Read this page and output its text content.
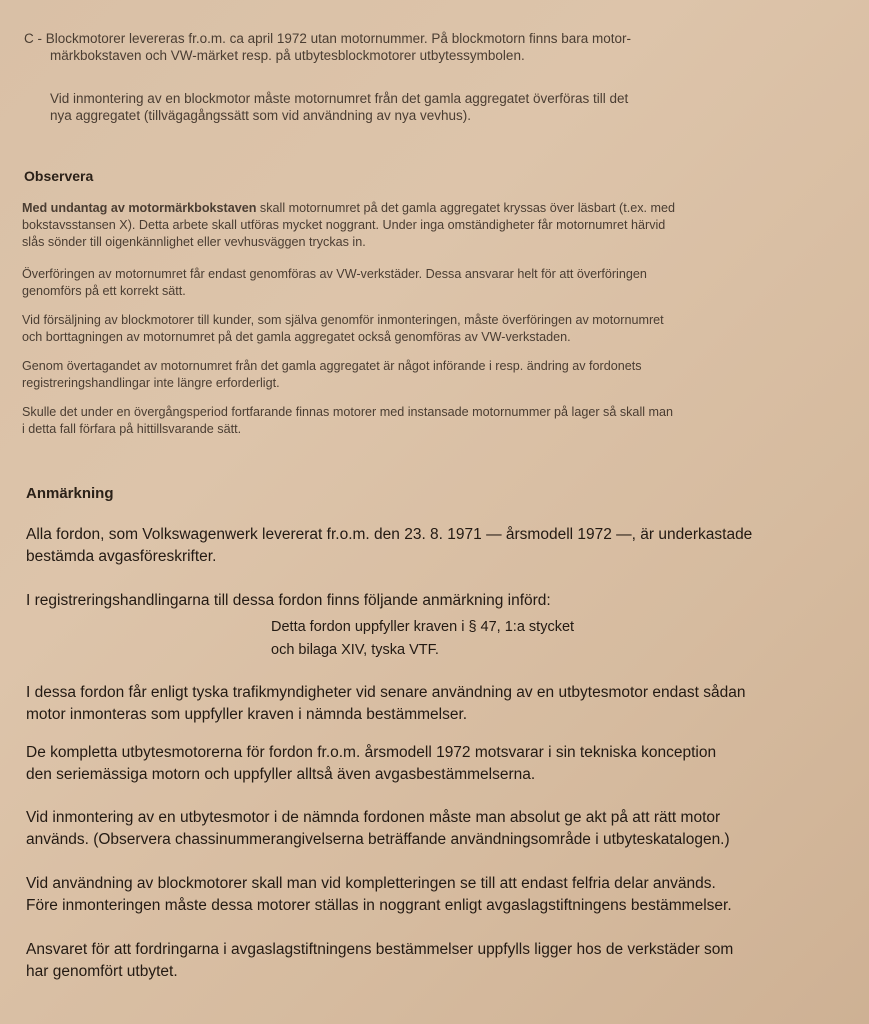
C - Blockmotorer levereras fr.o.m. ca april 1972 utan motornummer. På blockmotorn finns bara motor-
märkbokstaven och VW-märket resp. på utbytesblockmotorer utbytessymbolen.
Vid inmontering av en blockmotor måste motornumret från det gamla aggregatet överföras till det
nya aggregatet (tillvägagångssätt som vid användning av nya vevhus).
Observera
Med undantag av motormärkbokstaven skall motornumret på det gamla aggregatet kryssas över läsbart (t.ex. med
bokstavsstansen X). Detta arbete skall utföras mycket noggrant. Under inga omständigheter får motornumret härvid
slås sönder till oigenkännlighet eller vevhusväggen tryckas in.
Överföringen av motornumret får endast genomföras av VW-verkstäder. Dessa ansvarar helt för att överföringen
genomförs på ett korrekt sätt.
Vid försäljning av blockmotorer till kunder, som själva genomför inmonteringen, måste överföringen av motornumret
och borttagningen av motornumret på det gamla aggregatet också genomföras av VW-verkstaden.
Genom övertagandet av motornumret från det gamla aggregatet är något införande i resp. ändring av fordonets
registreringshandlingar inte längre erforderligt.
Skulle det under en övergångsperiod fortfarande finnas motorer med instansade motornummer på lager så skall man
i detta fall förfara på hittillsvarande sätt.
Anmärkning
Alla fordon, som Volkswagenwerk levererat fr.o.m. den 23. 8. 1971 — årsmodell 1972 —, är underkastade
bestämda avgasföreskrifter.
I registreringshandlingarna till dessa fordon finns följande anmärkning införd:
Detta fordon uppfyller kraven i § 47, 1:a stycket
och bilaga XIV, tyska VTF.
I dessa fordon får enligt tyska trafikmyndigheter vid senare användning av en utbytesmotor endast sådan
motor inmonteras som uppfyller kraven i nämnda bestämmelser.
De kompletta utbytesmotorerna för fordon fr.o.m. årsmodell 1972 motsvarar i sin tekniska konception
den seriemässiga motorn och uppfyller alltså även avgasbestämmelserna.
Vid inmontering av en utbytesmotor i de nämnda fordonen måste man absolut ge akt på att rätt motor
används. (Observera chassinummerangivelserna beträffande användningsområde i utbyteskatalogen.)
Vid användning av blockmotorer skall man vid kompletteringen se till att endast felfria delar används.
Före inmonteringen måste dessa motorer ställas in noggrant enligt avgaslagstiftningens bestämmelser.
Ansvaret för att fordringarna i avgaslagstiftningens bestämmelser uppfylls ligger hos de verkstäder som
har genomfört utbytet.
